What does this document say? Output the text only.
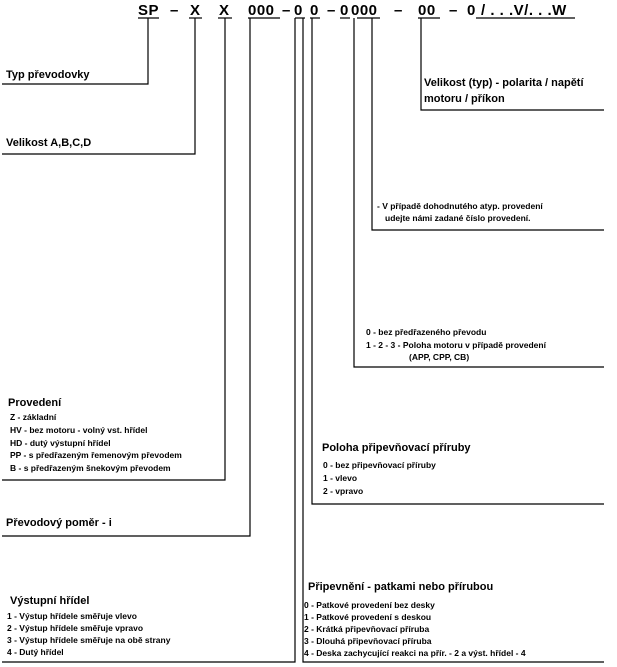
SP – X X 000 – 0 0 – 0 000 – 00 – 0 / . . .V/. . .W
Typ převodovky
Velikost A,B,C,D
Provedení
Z - základní
HV - bez motoru - volný vst. hřídel
HD - dutý výstupní hřídel
PP - s předřazeným řemenovým převodem
B - s předřazeným šnekovým převodem
Převodový poměr - i
Výstupní hřídel
1 - Výstup hřídele směřuje vlevo
2 - Výstup hřídele směřuje vpravo
3 - Výstup hřídele směřuje na obě strany
4 - Dutý hřídel
Velikost (typ) - polarita / napětí
motoru / příkon
- V případě dohodnutého atyp. provedení
udejte námi zadané číslo provedení.
0 - bez předřazeného převodu
1 - 2 - 3 - Poloha motoru v případě provedení
(APP, CPP, CB)
Poloha připevňovací příruby
0 - bez připevňovací příruby
1 - vlevo
2 - vpravo
Připevnění - patkami nebo přírubou
0 - Patkové provedení bez desky
1 - Patkové provedení s deskou
2 - Krátká připevňovací příruba
3 - Dlouhá připevňovací příruba
4 - Deska zachycující reakci na přír. - 2 a výst. hřídel - 4
